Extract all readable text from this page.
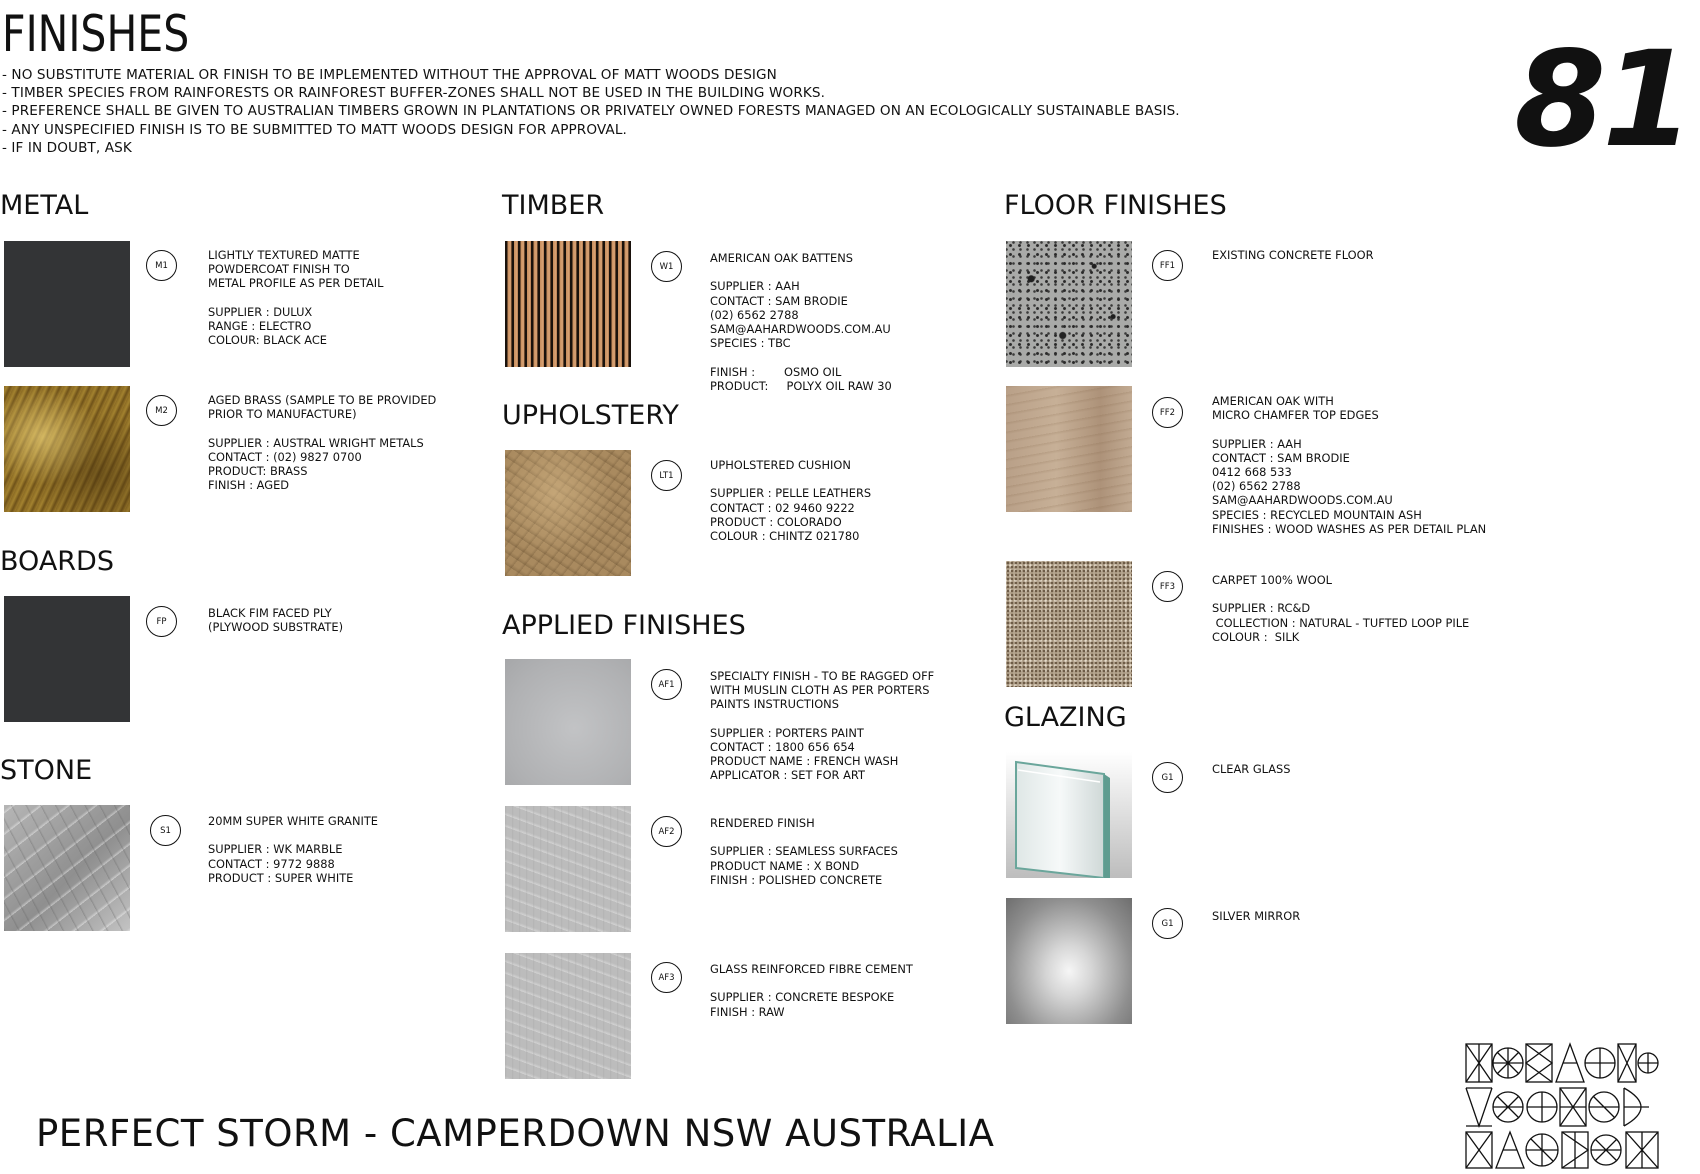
FINISHES
- NO SUBSTITUTE MATERIAL OR FINISH TO BE IMPLEMENTED WITHOUT THE APPROVAL OF MATT WOODS DESIGN
- TIMBER SPECIES FROM RAINFORESTS OR RAINFOREST BUFFER-ZONES SHALL NOT BE USED IN THE BUILDING WORKS.
- PREFERENCE SHALL BE GIVEN TO AUSTRALIAN TIMBERS GROWN IN PLANTATIONS OR PRIVATELY OWNED FORESTS MANAGED ON AN ECOLOGICALLY SUSTAINABLE BASIS.
- ANY UNSPECIFIED FINISH IS TO BE SUBMITTED TO MATT WOODS DESIGN FOR APPROVAL.
- IF IN DOUBT, ASK	81
METAL
BOARDS
STONE
TIMBER
UPHOLSTERY
APPLIED FINISHES
FLOOR FINISHES
GLAZING
M1
LIGHTLY TEXTURED MATTE
POWDERCOAT FINISH TO
METAL PROFILE AS PER DETAIL
SUPPLIER : DULUX
RANGE : ELECTRO
COLOUR: BLACK ACE
M2
AGED BRASS (SAMPLE TO BE PROVIDED
PRIOR TO MANUFACTURE)
SUPPLIER : AUSTRAL WRIGHT METALS
CONTACT : (02) 9827 0700
PRODUCT: BRASS
FINISH : AGED
FP
BLACK FIM FACED PLY
(PLYWOOD SUBSTRATE)
S1
20MM SUPER WHITE GRANITE
SUPPLIER : WK MARBLE
CONTACT : 9772 9888
PRODUCT : SUPER WHITE
W1
AMERICAN OAK BATTENS
SUPPLIER : AAH
CONTACT : SAM BRODIE
(02) 6562 2788
SAM@AAHARDWOODS.COM.AU
SPECIES : TBC
FINISH :        OSMO OIL
PRODUCT:     POLYX OIL RAW 30
LT1
UPHOLSTERED CUSHION
SUPPLIER : PELLE LEATHERS
CONTACT : 02 9460 9222
PRODUCT : COLORADO
COLOUR : CHINTZ 021780
AF1
SPECIALTY FINISH - TO BE RAGGED OFF
WITH MUSLIN CLOTH AS PER PORTERS
PAINTS INSTRUCTIONS
SUPPLIER : PORTERS PAINT
CONTACT : 1800 656 654
PRODUCT NAME : FRENCH WASH
APPLICATOR : SET FOR ART
AF2
RENDERED FINISH
SUPPLIER : SEAMLESS SURFACES
PRODUCT NAME : X BOND
FINISH : POLISHED CONCRETE
AF3
GLASS REINFORCED FIBRE CEMENT
SUPPLIER : CONCRETE BESPOKE
FINISH : RAW
FF1
EXISTING CONCRETE FLOOR
FF2
AMERICAN OAK WITH
MICRO CHAMFER TOP EDGES
SUPPLIER : AAH
CONTACT : SAM BRODIE
0412 668 533
(02) 6562 2788
SAM@AAHARDWOODS.COM.AU
SPECIES : RECYCLED MOUNTAIN ASH
FINISHES : WOOD WASHES AS PER DETAIL PLAN
FF3	CARPET 100% WOOL
SUPPLIER : RC&D
COLLECTION : NATURAL - TUFTED LOOP PILE
COLOUR :  SILK
G1
CLEAR GLASS
G1
SILVER MIRROR
PERFECT STORM - CAMPERDOWN NSW AUSTRALIA
